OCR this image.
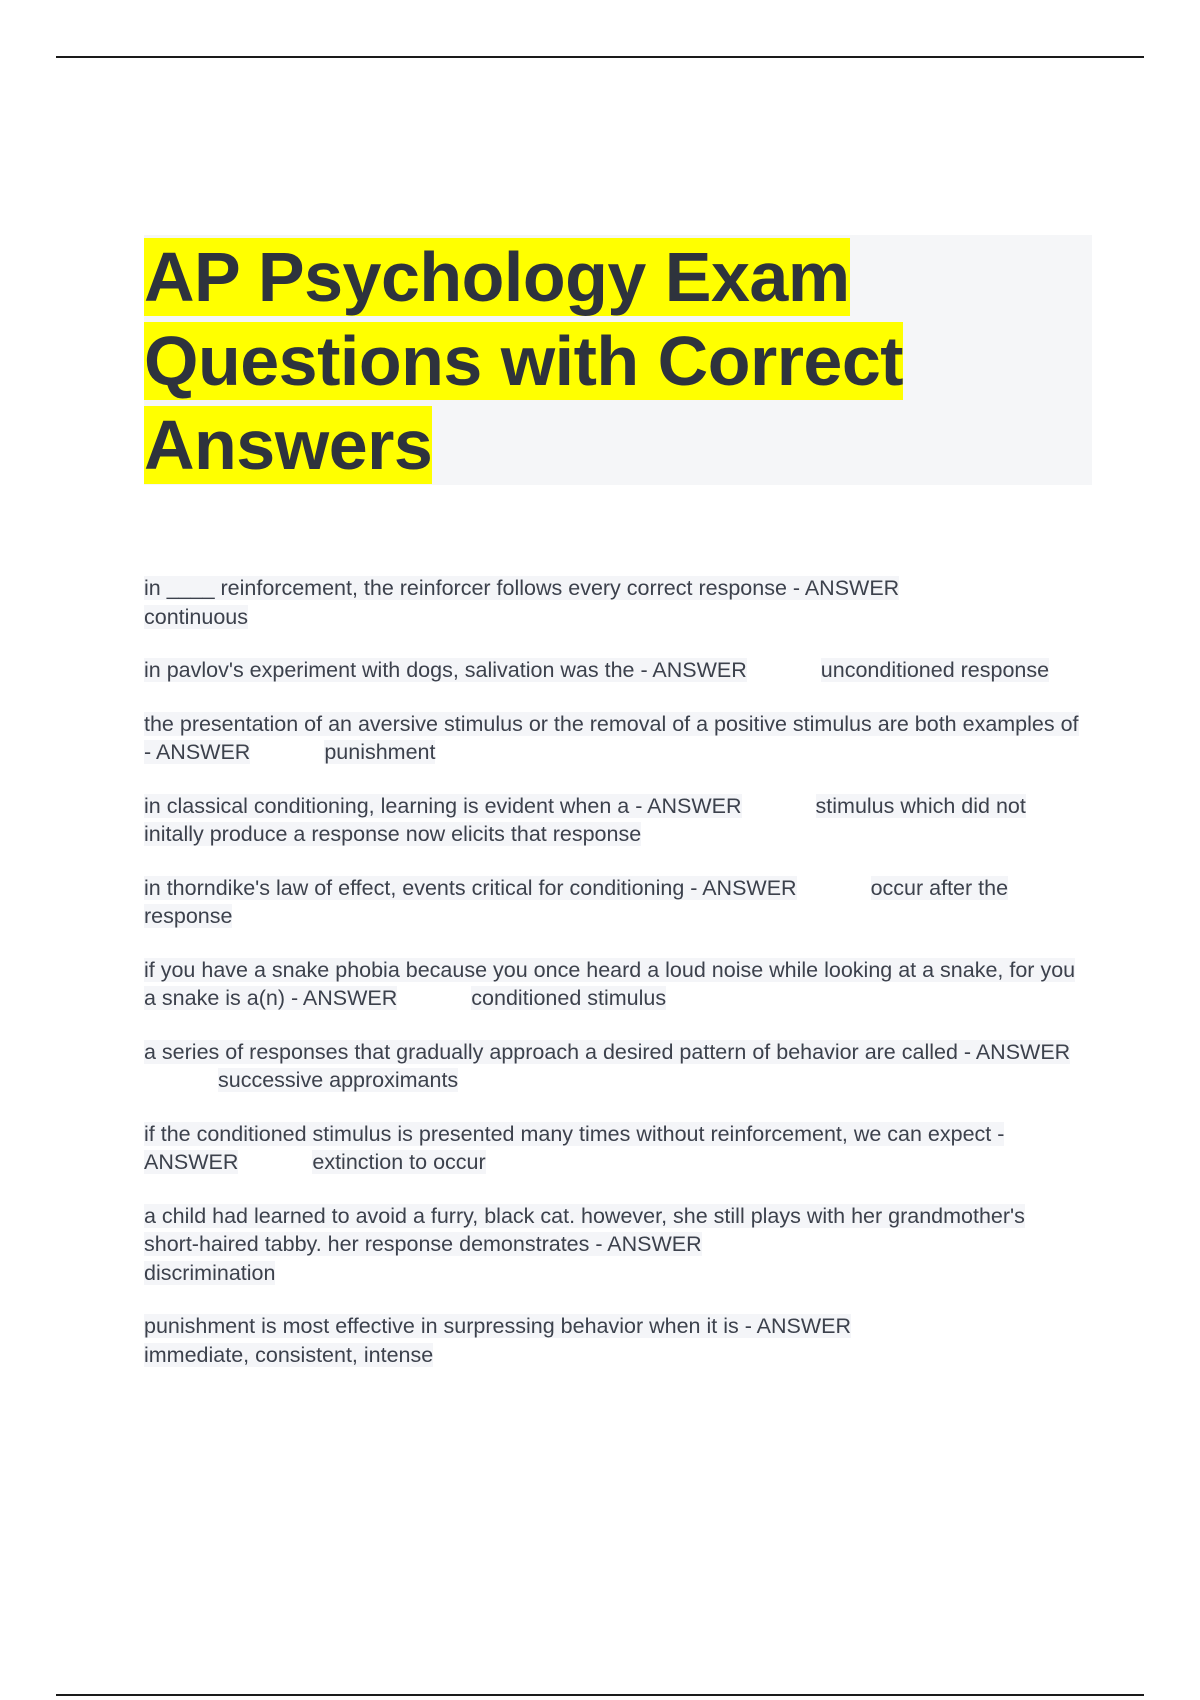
AP Psychology Exam
Questions with Correct
Answers

in ____ reinforcement, the reinforcer follows every correct response - ANSWER
continuous

in pavlov's experiment with dogs, salivation was the - ANSWER	unconditioned response

the presentation of an aversive stimulus or the removal of a positive stimulus are both examples of - ANSWER	punishment

in classical conditioning, learning is evident when a - ANSWER	stimulus which did not initally produce a response now elicits that response

in thorndike's law of effect, events critical for conditioning - ANSWER	occur after the response

if you have a snake phobia because you once heard a loud noise while looking at a snake, for you a snake is a(n) - ANSWER	conditioned stimulus

a series of responses that gradually approach a desired pattern of behavior are called - ANSWERsuccessive approximants

if the conditioned stimulus is presented many times without reinforcement, we can expect - ANSWER	extinction to occur

a child had learned to avoid a furry, black cat. however, she still plays with her grandmother's short-haired tabby. her response demonstrates - ANSWER
discrimination

punishment is most effective in surpressing behavior when it is - ANSWER
immediate, consistent, intense
